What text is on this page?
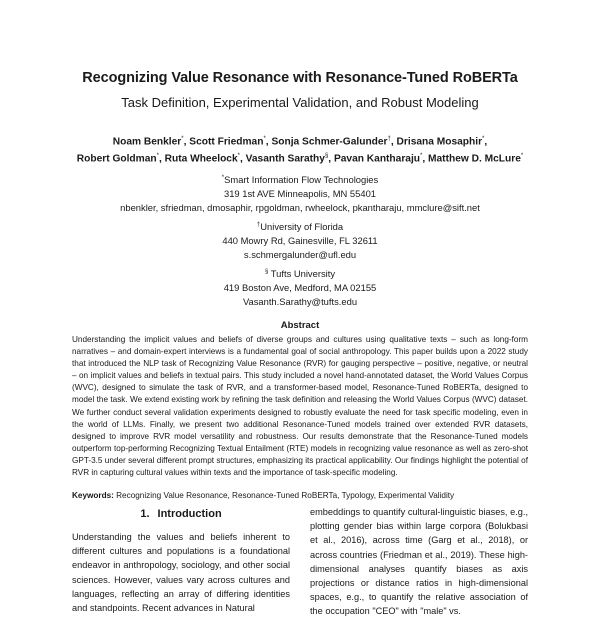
Recognizing Value Resonance with Resonance-Tuned RoBERTa
Task Definition, Experimental Validation, and Robust Modeling
Noam Benkler*, Scott Friedman*, Sonja Schmer-Galunder†, Drisana Mosaphir*,
Robert Goldman*, Ruta Wheelock*, Vasanth Sarathy§, Pavan Kantharaju*, Matthew D. McLure*
*Smart Information Flow Technologies
319 1st AVE Minneapolis, MN 55401
nbenkler, sfriedman, dmosaphir, rpgoldman, rwheelock, pkantharaju, mmclure@sift.net
†University of Florida
440 Mowry Rd, Gainesville, FL 32611
s.schmergalunder@ufl.edu
§ Tufts University
419 Boston Ave, Medford, MA 02155
Vasanth.Sarathy@tufts.edu
Abstract
Understanding the implicit values and beliefs of diverse groups and cultures using qualitative texts – such as long-form narratives – and domain-expert interviews is a fundamental goal of social anthropology. This paper builds upon a 2022 study that introduced the NLP task of Recognizing Value Resonance (RVR) for gauging perspective – positive, negative, or neutral – on implicit values and beliefs in textual pairs. This study included a novel hand-annotated dataset, the World Values Corpus (WVC), designed to simulate the task of RVR, and a transformer-based model, Resonance-Tuned RoBERTa, designed to model the task. We extend existing work by refining the task definition and releasing the World Values Corpus (WVC) dataset. We further conduct several validation experiments designed to robustly evaluate the need for task specific modeling, even in the world of LLMs. Finally, we present two additional Resonance-Tuned models trained over extended RVR datasets, designed to improve RVR model versatility and robustness. Our results demonstrate that the Resonance-Tuned models outperform top-performing Recognizing Textual Entailment (RTE) models in recognizing value resonance as well as zero-shot GPT-3.5 under several different prompt structures, emphasizing its practical applicability. Our findings highlight the potential of RVR in capturing cultural values within texts and the importance of task-specific modeling.
Keywords: Recognizing Value Resonance, Resonance-Tuned RoBERTa, Typology, Experimental Validity
1. Introduction

Understanding the values and beliefs inherent to different cultures and populations is a foundational endeavor in anthropology, sociology, and other social sciences. However, values vary across cultures and languages, reflecting an array of differing identities and standpoints. Recent advances in Natural

embeddings to quantify cultural-linguistic biases, e.g., plotting gender bias within large corpora (Bolukbasi et al., 2016), across time (Garg et al., 2018), or across countries (Friedman et al., 2019). These high-dimensional analyses quantify biases as axis projections or distance ratios in high-dimensional spaces, e.g., to quantify the relative association of the occupation "CEO" with "male" vs.
